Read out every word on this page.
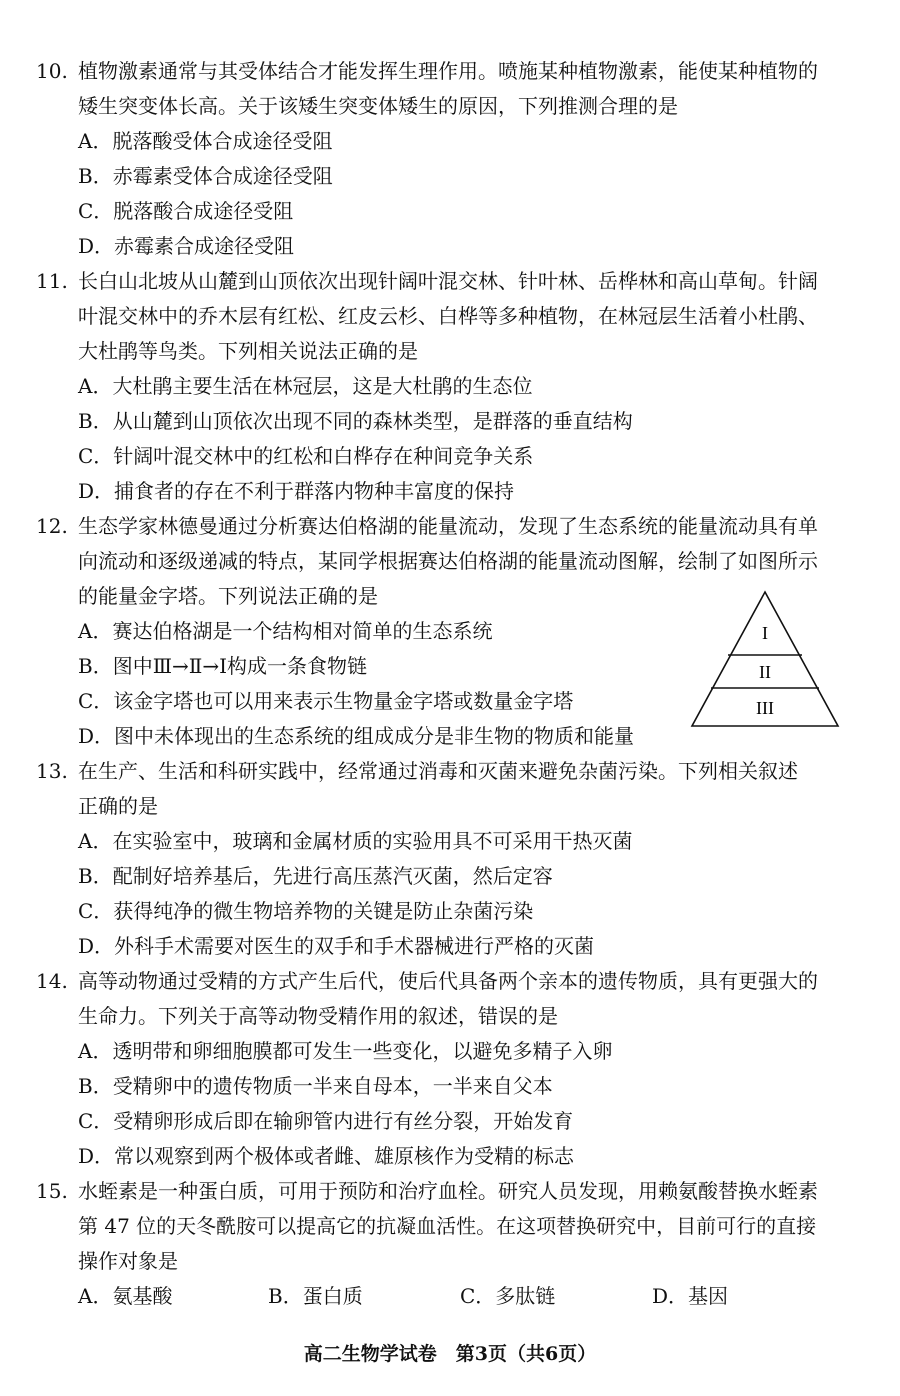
10. 植物激素通常与其受体结合才能发挥生理作用。喷施某种植物激素，能使某种植物的
矮生突变体长高。关于该矮生突变体矮生的原因，下列推测合理的是
A．脱落酸受体合成途径受阻
B．赤霉素受体合成途径受阻
C．脱落酸合成途径受阻
D．赤霉素合成途径受阻
11. 长白山北坡从山麓到山顶依次出现针阔叶混交林、针叶林、岳桦林和高山草甸。针阔
叶混交林中的乔木层有红松、红皮云杉、白桦等多种植物，在林冠层生活着小杜鹃、
大杜鹃等鸟类。下列相关说法正确的是
A．大杜鹃主要生活在林冠层，这是大杜鹃的生态位
B．从山麓到山顶依次出现不同的森林类型，是群落的垂直结构
C．针阔叶混交林中的红松和白桦存在种间竞争关系
D．捕食者的存在不利于群落内物种丰富度的保持
12. 生态学家林德曼通过分析赛达伯格湖的能量流动，发现了生态系统的能量流动具有单
向流动和逐级递减的特点，某同学根据赛达伯格湖的能量流动图解，绘制了如图所示
的能量金字塔。下列说法正确的是
A．赛达伯格湖是一个结构相对简单的生态系统
B．图中Ⅲ→Ⅱ→Ⅰ构成一条食物链
C．该金字塔也可以用来表示生物量金字塔或数量金字塔
D．图中未体现出的生态系统的组成成分是非生物的物质和能量
I
II
III
13. 在生产、生活和科研实践中，经常通过消毒和灭菌来避免杂菌污染。下列相关叙述
正确的是
A．在实验室中，玻璃和金属材质的实验用具不可采用干热灭菌
B．配制好培养基后，先进行高压蒸汽灭菌，然后定容
C．获得纯净的微生物培养物的关键是防止杂菌污染
D．外科手术需要对医生的双手和手术器械进行严格的灭菌
14. 高等动物通过受精的方式产生后代，使后代具备两个亲本的遗传物质，具有更强大的
生命力。下列关于高等动物受精作用的叙述，错误的是
A．透明带和卵细胞膜都可发生一些变化，以避免多精子入卵
B．受精卵中的遗传物质一半来自母本，一半来自父本
C．受精卵形成后即在输卵管内进行有丝分裂，开始发育
D．常以观察到两个极体或者雌、雄原核作为受精的标志
15. 水蛭素是一种蛋白质，可用于预防和治疗血栓。研究人员发现，用赖氨酸替换水蛭素
第 47 位的天冬酰胺可以提高它的抗凝血活性。在这项替换研究中，目前可行的直接
操作对象是
A．氨基酸	B．蛋白质	C．多肽链	D．基因
高二生物学试卷　第3页（共6页）
